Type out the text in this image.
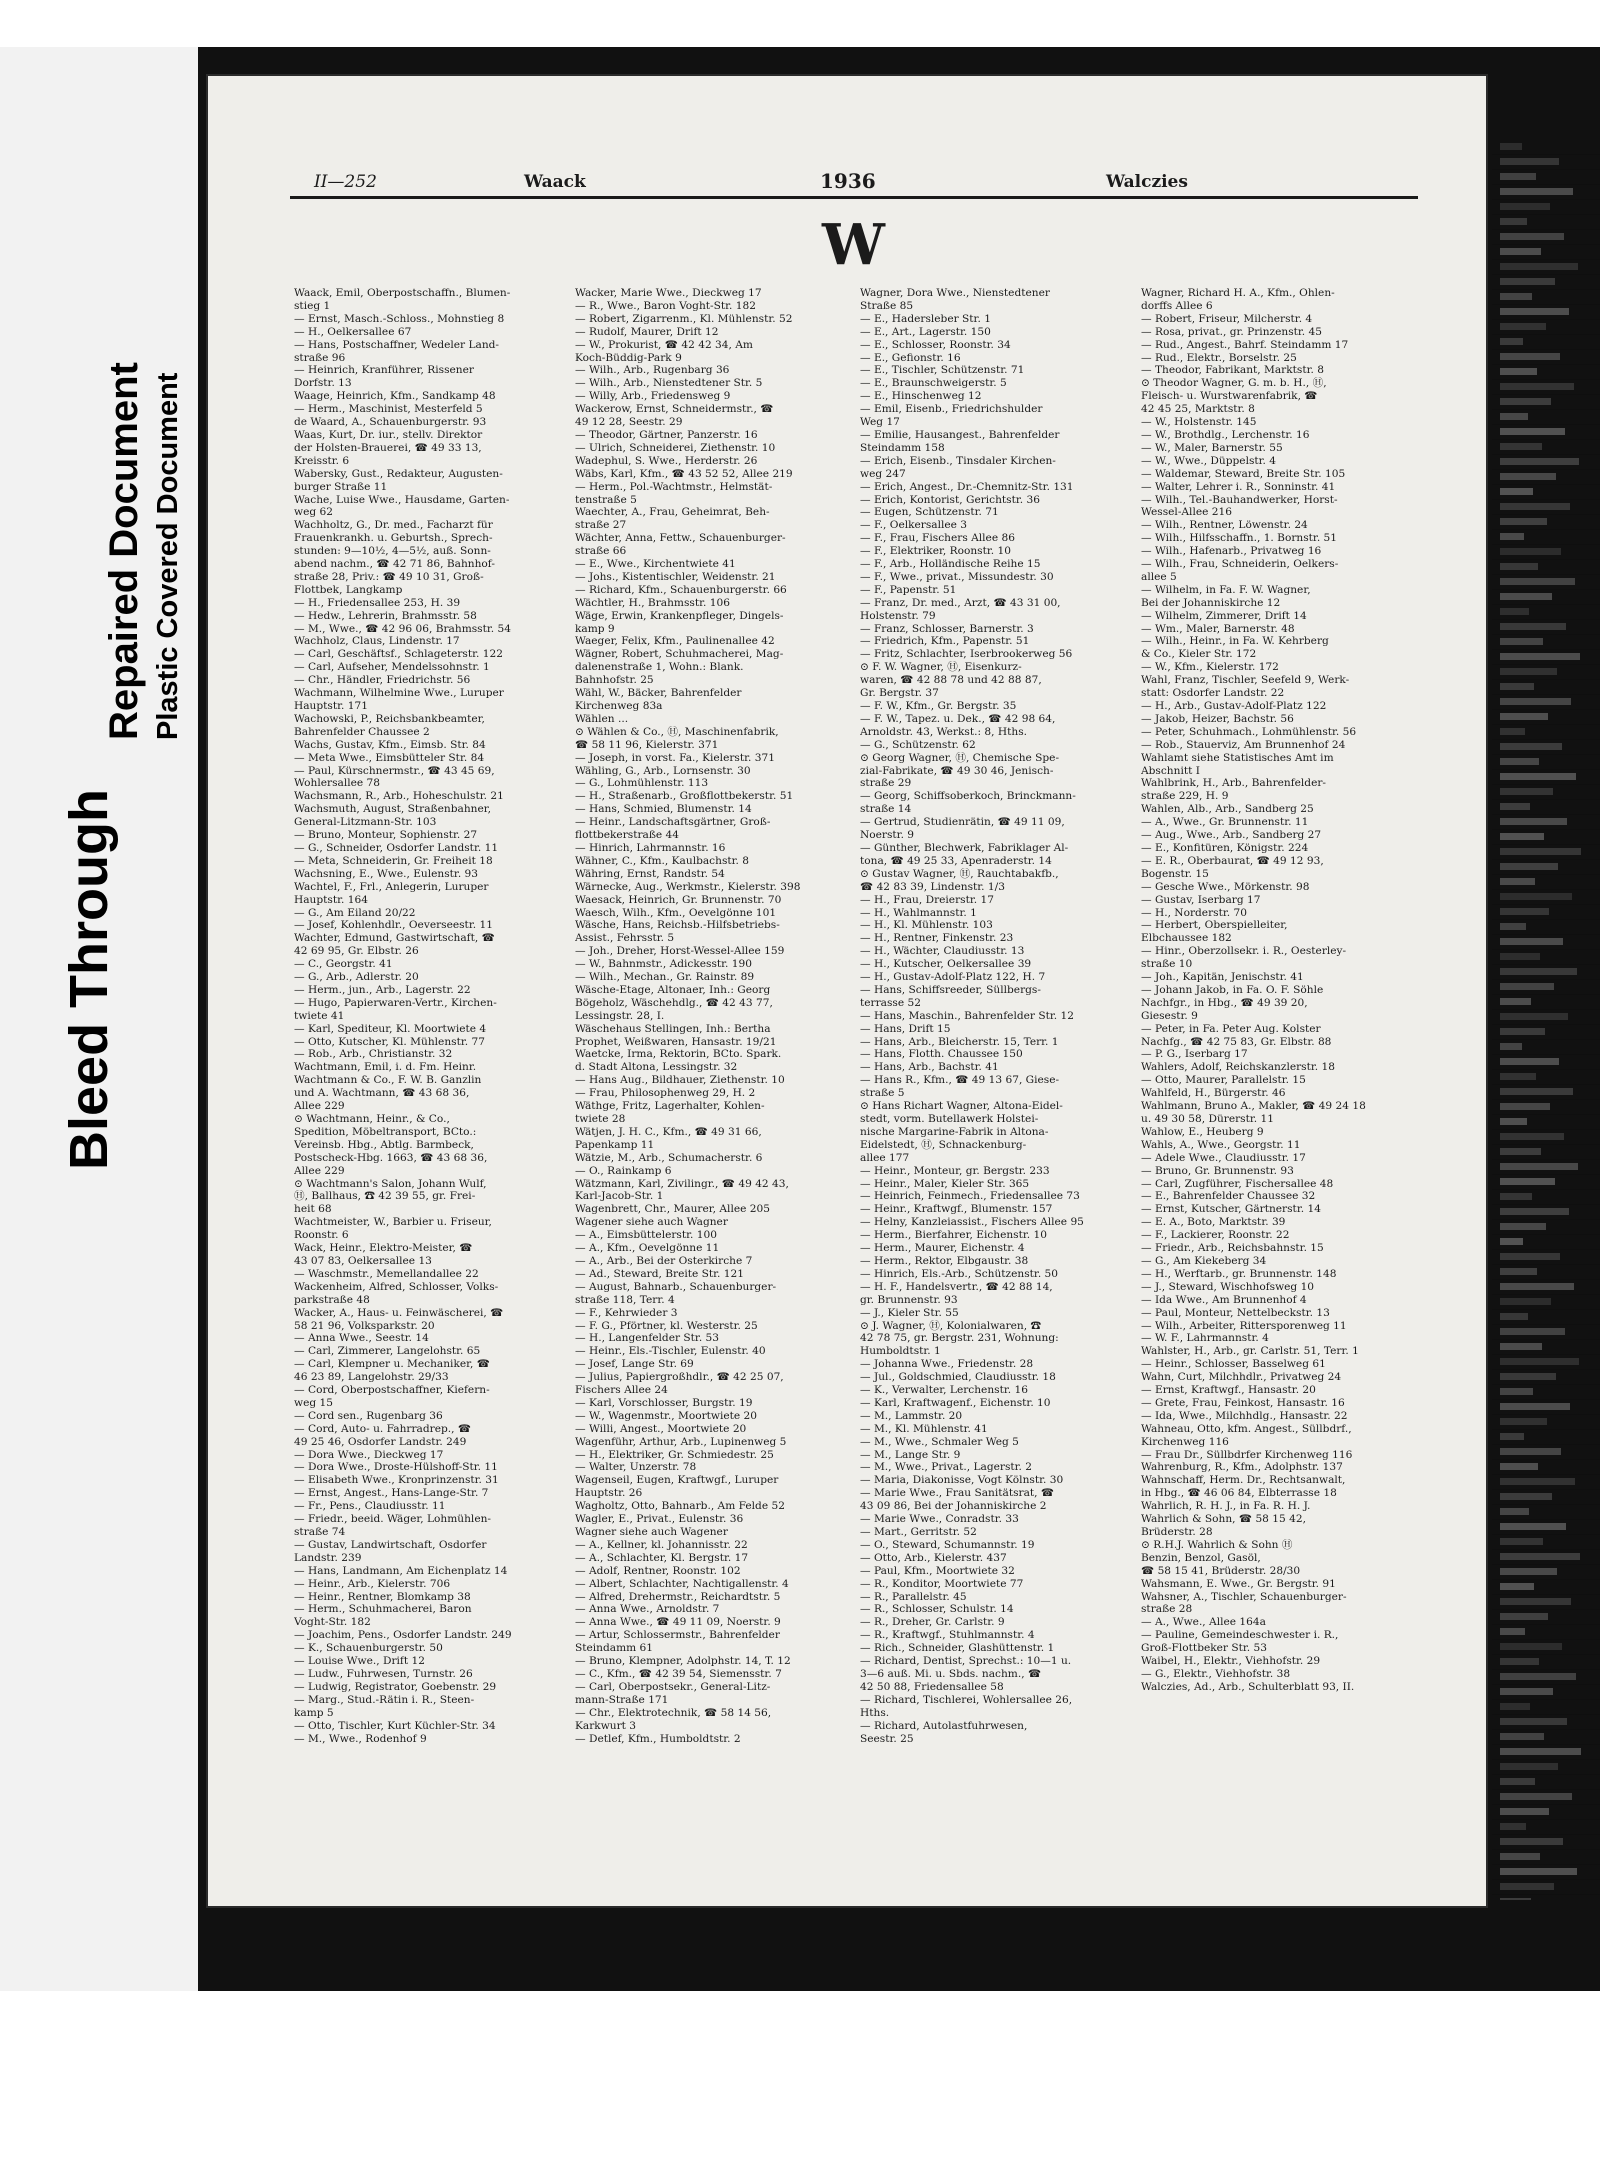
Bleed Through
Repaired Document Plastic Covered Document
II—252	Waack	1936	Walczies
W
Waack, Emil, Oberpostschaffn., Blumen-
stieg 1
— Ernst, Masch.-Schloss., Mohnstieg 8
— H., Oelkersallee 67
— Hans, Postschaffner, Wedeler Land-
straße 96
— Heinrich, Kranführer, Rissener
Dorfstr. 13
Waage, Heinrich, Kfm., Sandkamp 48
— Herm., Maschinist, Mesterfeld 5
de Waard, A., Schauenburgerstr. 93
Waas, Kurt, Dr. iur., stellv. Direktor
der Holsten-Brauerei, ☎ 49 33 13,
Kreisstr. 6
Wabersky, Gust., Redakteur, Augusten-
burger Straße 11
Wache, Luise Wwe., Hausdame, Garten-
weg 62
Wachholtz, G., Dr. med., Facharzt für
Frauenkrankh. u. Geburtsh., Sprech-
stunden: 9—10½, 4—5½, auß. Sonn-
abend nachm., ☎ 42 71 86, Bahnhof-
straße 28, Priv.: ☎ 49 10 31, Groß-
Flottbek, Langkamp
— H., Friedensallee 253, H. 39
— Hedw., Lehrerin, Brahmsstr. 58
— M., Wwe., ☎ 42 96 06, Brahmsstr. 54
Wachholz, Claus, Lindenstr. 17
— Carl, Geschäftsf., Schlageterstr. 122
— Carl, Aufseher, Mendelssohnstr. 1
— Chr., Händler, Friedrichstr. 56
Wachmann, Wilhelmine Wwe., Luruper
Hauptstr. 171
Wachowski, P., Reichsbankbeamter,
Bahrenfelder Chaussee 2
Wachs, Gustav, Kfm., Eimsb. Str. 84
— Meta Wwe., Eimsbütteler Str. 84
— Paul, Kürschnermstr., ☎ 43 45 69,
Wohlersallee 78
Wachsmann, R., Arb., Hoheschulstr. 21
Wachsmuth, August, Straßenbahner,
General-Litzmann-Str. 103
— Bruno, Monteur, Sophienstr. 27
— G., Schneider, Osdorfer Landstr. 11
— Meta, Schneiderin, Gr. Freiheit 18
Wachsning, E., Wwe., Eulenstr. 93
Wachtel, F., Frl., Anlegerin, Luruper
Hauptstr. 164
— G., Am Eiland 20/22
— Josef, Kohlenhdlr., Oeverseestr. 11
Wachter, Edmund, Gastwirtschaft, ☎
42 69 95, Gr. Elbstr. 26
— C., Georgstr. 41
— G., Arb., Adlerstr. 20
— Herm., jun., Arb., Lagerstr. 22
— Hugo, Papierwaren-Vertr., Kirchen-
twiete 41
— Karl, Spediteur, Kl. Moortwiete 4
— Otto, Kutscher, Kl. Mühlenstr. 77
— Rob., Arb., Christianstr. 32
Wachtmann, Emil, i. d. Fm. Heinr.
Wachtmann & Co., F. W. B. Ganzlin
und A. Wachtmann, ☎ 43 68 36,
Allee 229
⊙ Wachtmann, Heinr., & Co.,
Spedition, Möbeltransport, BCto.:
Vereinsb. Hbg., Abtlg. Barmbeck,
Postscheck-Hbg. 1663, ☎ 43 68 36,
Allee 229
⊙ Wachtmann's Salon, Johann Wulf,
Ⓗ, Ballhaus, ☎ 42 39 55, gr. Frei-
heit 68
Wachtmeister, W., Barbier u. Friseur,
Roonstr. 6
Wack, Heinr., Elektro-Meister, ☎
43 07 83, Oelkersallee 13
— Waschmstr., Memellandallee 22
Wackenheim, Alfred, Schlosser, Volks-
parkstraße 48
Wacker, A., Haus- u. Feinwäscherei, ☎
58 21 96, Volksparkstr. 20
— Anna Wwe., Seestr. 14
— Carl, Zimmerer, Langelohstr. 65
— Carl, Klempner u. Mechaniker, ☎
46 23 89, Langelohstr. 29/33
— Cord, Oberpostschaffner, Kiefern-
weg 15
— Cord sen., Rugenbarg 36
— Cord, Auto- u. Fahrradrep., ☎
49 25 46, Osdorfer Landstr. 249
— Dora Wwe., Dieckweg 17
— Dora Wwe., Droste-Hülshoff-Str. 11
— Elisabeth Wwe., Kronprinzenstr. 31
— Ernst, Angest., Hans-Lange-Str. 7
— Fr., Pens., Claudiusstr. 11
— Friedr., beeid. Wäger, Lohmühlen-
straße 74
— Gustav, Landwirtschaft, Osdorfer
Landstr. 239
— Hans, Landmann, Am Eichenplatz 14
— Heinr., Arb., Kielerstr. 706
— Heinr., Rentner, Blomkamp 38
— Herm., Schuhmacherei, Baron
Voght-Str. 182
— Joachim, Pens., Osdorfer Landstr. 249
— K., Schauenburgerstr. 50
— Louise Wwe., Drift 12
— Ludw., Fuhrwesen, Turnstr. 26
— Ludwig, Registrator, Goebenstr. 29
— Marg., Stud.-Rätin i. R., Steen-
kamp 5
— Otto, Tischler, Kurt Küchler-Str. 34
— M., Wwe., Rodenhof 9
Wacker, Marie Wwe., Dieckweg 17
— R., Wwe., Baron Voght-Str. 182
— Robert, Zigarrenm., Kl. Mühlenstr. 52
— Rudolf, Maurer, Drift 12
— W., Prokurist, ☎ 42 42 34, Am
Koch-Büddig-Park 9
— Wilh., Arb., Rugenbarg 36
— Wilh., Arb., Nienstedtener Str. 5
— Willy, Arb., Friedensweg 9
Wackerow, Ernst, Schneidermstr., ☎
49 12 28, Seestr. 29
— Theodor, Gärtner, Panzerstr. 16
— Ulrich, Schneiderei, Ziethenstr. 10
Wadephul, S. Wwe., Herderstr. 26
Wäbs, Karl, Kfm., ☎ 43 52 52, Allee 219
— Herm., Pol.-Wachtmstr., Helmstät-
tenstraße 5
Waechter, A., Frau, Geheimrat, Beh-
straße 27
Wächter, Anna, Fettw., Schauenburger-
straße 66
— E., Wwe., Kirchentwiete 41
— Johs., Kistentischler, Weidenstr. 21
— Richard, Kfm., Schauenburgerstr. 66
Wächtler, H., Brahmsstr. 106
Wäge, Erwin, Krankenpfleger, Dingels-
kamp 9
Waeger, Felix, Kfm., Paulinenallee 42
Wägner, Robert, Schuhmacherei, Mag-
dalenenstraße 1, Wohn.: Blank.
Bahnhofstr. 25
Wähl, W., Bäcker, Bahrenfelder
Kirchenweg 83a
Wählen ...
⊙ Wählen & Co., Ⓗ, Maschinenfabrik,
☎ 58 11 96, Kielerstr. 371
— Joseph, in vorst. Fa., Kielerstr. 371
Wähling, G., Arb., Lornsenstr. 30
— G., Lohmühlenstr. 113
— H., Straßenarb., Großflottbekerstr. 51
— Hans, Schmied, Blumenstr. 14
— Heinr., Landschaftsgärtner, Groß-
flottbekerstraße 44
— Hinrich, Lahrmannstr. 16
Wähner, C., Kfm., Kaulbachstr. 8
Währing, Ernst, Randstr. 54
Wärnecke, Aug., Werkmstr., Kielerstr. 398
Waesack, Heinrich, Gr. Brunnenstr. 70
Waesch, Wilh., Kfm., Oevelgönne 101
Wäsche, Hans, Reichsb.-Hilfsbetriebs-
Assist., Fehrsstr. 5
— Joh., Dreher, Horst-Wessel-Allee 159
— W., Bahnmstr., Adickesstr. 190
— Wilh., Mechan., Gr. Rainstr. 89
Wäsche-Etage, Altonaer, Inh.: Georg
Bögeholz, Wäschehdlg., ☎ 42 43 77,
Lessingstr. 28, I.
Wäschehaus Stellingen, Inh.: Bertha
Prophet, Weißwaren, Hansastr. 19/21
Waetcke, Irma, Rektorin, BCto. Spark.
d. Stadt Altona, Lessingstr. 32
— Hans Aug., Bildhauer, Ziethenstr. 10
— Frau, Philosophenweg 29, H. 2
Wäthge, Fritz, Lagerhalter, Kohlen-
twiete 28
Wätjen, J. H. C., Kfm., ☎ 49 31 66,
Papenkamp 11
Wätzie, M., Arb., Schumacherstr. 6
— O., Rainkamp 6
Wätzmann, Karl, Zivilingr., ☎ 49 42 43,
Karl-Jacob-Str. 1
Wagenbrett, Chr., Maurer, Allee 205
Wagener siehe auch Wagner
— A., Eimsbüttelerstr. 100
— A., Kfm., Oevelgönne 11
— A., Arb., Bei der Osterkirche 7
— Ad., Steward, Breite Str. 121
— August, Bahnarb., Schauenburger-
straße 118, Terr. 4
— F., Kehrwieder 3
— F. G., Pförtner, kl. Westerstr. 25
— H., Langenfelder Str. 53
— Heinr., Els.-Tischler, Eulenstr. 40
— Josef, Lange Str. 69
— Julius, Papiergroßhdlr., ☎ 42 25 07,
Fischers Allee 24
— Karl, Vorschlosser, Burgstr. 19
— W., Wagenmstr., Moortwiete 20
— Willi, Angest., Moortwiete 20
Wagenführ, Arthur, Arb., Lupinenweg 5
— H., Elektriker, Gr. Schmiedestr. 25
— Walter, Unzerstr. 78
Wagenseil, Eugen, Kraftwgf., Luruper
Hauptstr. 26
Wagholtz, Otto, Bahnarb., Am Felde 52
Wagler, E., Privat., Eulenstr. 36
Wagner siehe auch Wagener
— A., Kellner, kl. Johannisstr. 22
— A., Schlachter, Kl. Bergstr. 17
— Adolf, Rentner, Roonstr. 102
— Albert, Schlachter, Nachtigallenstr. 4
— Alfred, Drehermstr., Reichardtstr. 5
— Anna Wwe., Arnoldstr. 7
— Anna Wwe., ☎ 49 11 09, Noerstr. 9
— Artur, Schlossermstr., Bahrenfelder
Steindamm 61
— Bruno, Klempner, Adolphstr. 14, T. 12
— C., Kfm., ☎ 42 39 54, Siemensstr. 7
— Carl, Oberpostsekr., General-Litz-
mann-Straße 171
— Chr., Elektrotechnik, ☎ 58 14 56,
Karkwurt 3
— Detlef, Kfm., Humboldtstr. 2
Wagner, Dora Wwe., Nienstedtener
Straße 85
— E., Hadersleber Str. 1
— E., Art., Lagerstr. 150
— E., Schlosser, Roonstr. 34
— E., Gefionstr. 16
— E., Tischler, Schützenstr. 71
— E., Braunschweigerstr. 5
— E., Hinschenweg 12
— Emil, Eisenb., Friedrichshulder
Weg 17
— Emilie, Hausangest., Bahrenfelder
Steindamm 158
— Erich, Eisenb., Tinsdaler Kirchen-
weg 247
— Erich, Angest., Dr.-Chemnitz-Str. 131
— Erich, Kontorist, Gerichtstr. 36
— Eugen, Schützenstr. 71
— F., Oelkersallee 3
— F., Frau, Fischers Allee 86
— F., Elektriker, Roonstr. 10
— F., Arb., Holländische Reihe 15
— F., Wwe., privat., Missundestr. 30
— F., Papenstr. 51
— Franz, Dr. med., Arzt, ☎ 43 31 00,
Holstenstr. 79
— Franz, Schlosser, Barnerstr. 3
— Friedrich, Kfm., Papenstr. 51
— Fritz, Schlachter, Iserbrookerweg 56
⊙ F. W. Wagner, Ⓗ, Eisenkurz-
waren, ☎ 42 88 78 und 42 88 87,
Gr. Bergstr. 37
— F. W., Kfm., Gr. Bergstr. 35
— F. W., Tapez. u. Dek., ☎ 42 98 64,
Arnoldstr. 43, Werkst.: 8, Hths.
— G., Schützenstr. 62
⊙ Georg Wagner, Ⓗ, Chemische Spe-
zial-Fabrikate, ☎ 49 30 46, Jenisch-
straße 29
— Georg, Schiffsoberkoch, Brinckmann-
straße 14
— Gertrud, Studienrätin, ☎ 49 11 09,
Noerstr. 9
— Günther, Blechwerk, Fabriklager Al-
tona, ☎ 49 25 33, Apenraderstr. 14
⊙ Gustav Wagner, Ⓗ, Rauchtabakfb.,
☎ 42 83 39, Lindenstr. 1/3
— H., Frau, Dreierstr. 17
— H., Wahlmannstr. 1
— H., Kl. Mühlenstr. 103
— H., Rentner, Finkenstr. 23
— H., Wächter, Claudiusstr. 13
— H., Kutscher, Oelkersallee 39
— H., Gustav-Adolf-Platz 122, H. 7
— Hans, Schiffsreeder, Süllbergs-
terrasse 52
— Hans, Maschin., Bahrenfelder Str. 12
— Hans, Drift 15
— Hans, Arb., Bleicherstr. 15, Terr. 1
— Hans, Flotth. Chaussee 150
— Hans, Arb., Bachstr. 41
— Hans R., Kfm., ☎ 49 13 67, Giese-
straße 5
⊙ Hans Richart Wagner, Altona-Eidel-
stedt, vorm. Butellawerk Holstei-
nische Margarine-Fabrik in Altona-
Eidelstedt, Ⓗ, Schnackenburg-
allee 177
— Heinr., Monteur, gr. Bergstr. 233
— Heinr., Maler, Kieler Str. 365
— Heinrich, Feinmech., Friedensallee 73
— Heinr., Kraftwgf., Blumenstr. 157
— Helny, Kanzleiassist., Fischers Allee 95
— Herm., Bierfahrer, Eichenstr. 10
— Herm., Maurer, Eichenstr. 4
— Herm., Rektor, Elbgaustr. 38
— Hinrich, Els.-Arb., Schützenstr. 50
— H. F., Handelsvertr., ☎ 42 88 14,
gr. Brunnenstr. 93
— J., Kieler Str. 55
⊙ J. Wagner, Ⓗ, Kolonialwaren, ☎
42 78 75, gr. Bergstr. 231, Wohnung:
Humboldtstr. 1
— Johanna Wwe., Friedenstr. 28
— Jul., Goldschmied, Claudiusstr. 18
— K., Verwalter, Lerchenstr. 16
— Karl, Kraftwagenf., Eichenstr. 10
— M., Lammstr. 20
— M., Kl. Mühlenstr. 41
— M., Wwe., Schmaler Weg 5
— M., Lange Str. 9
— M., Wwe., Privat., Lagerstr. 2
— Maria, Diakonisse, Vogt Kölnstr. 30
— Marie Wwe., Frau Sanitätsrat, ☎
43 09 86, Bei der Johanniskirche 2
— Marie Wwe., Conradstr. 33
— Mart., Gerritstr. 52
— O., Steward, Schumannstr. 19
— Otto, Arb., Kielerstr. 437
— Paul, Kfm., Moortwiete 32
— R., Konditor, Moortwiete 77
— R., Parallelstr. 45
— R., Schlosser, Schulstr. 14
— R., Dreher, Gr. Carlstr. 9
— R., Kraftwgf., Stuhlmannstr. 4
— Rich., Schneider, Glashüttenstr. 1
— Richard, Dentist, Sprechst.: 10—1 u.
3—6 auß. Mi. u. Sbds. nachm., ☎
42 50 88, Friedensallee 58
— Richard, Tischlerei, Wohlersallee 26,
Hths.
— Richard, Autolastfuhrwesen,
Seestr. 25
Wagner, Richard H. A., Kfm., Ohlen-
dorffs Allee 6
— Robert, Friseur, Milcherstr. 4
— Rosa, privat., gr. Prinzenstr. 45
— Rud., Angest., Bahrf. Steindamm 17
— Rud., Elektr., Borselstr. 25
— Theodor, Fabrikant, Marktstr. 8
⊙ Theodor Wagner, G. m. b. H., Ⓗ,
Fleisch- u. Wurstwarenfabrik, ☎
42 45 25, Marktstr. 8
— W., Holstenstr. 145
— W., Brothdlg., Lerchenstr. 16
— W., Maler, Barnerstr. 55
— W., Wwe., Düppelstr. 4
— Waldemar, Steward, Breite Str. 105
— Walter, Lehrer i. R., Sonninstr. 41
— Wilh., Tel.-Bauhandwerker, Horst-
Wessel-Allee 216
— Wilh., Rentner, Löwenstr. 24
— Wilh., Hilfsschaffn., 1. Bornstr. 51
— Wilh., Hafenarb., Privatweg 16
— Wilh., Frau, Schneiderin, Oelkers-
allee 5
— Wilhelm, in Fa. F. W. Wagner,
Bei der Johanniskirche 12
— Wilhelm, Zimmerer, Drift 14
— Wm., Maler, Barnerstr. 48
— Wilh., Heinr., in Fa. W. Kehrberg
& Co., Kieler Str. 172
— W., Kfm., Kielerstr. 172
Wahl, Franz, Tischler, Seefeld 9, Werk-
statt: Osdorfer Landstr. 22
— H., Arb., Gustav-Adolf-Platz 122
— Jakob, Heizer, Bachstr. 56
— Peter, Schuhmach., Lohmühlenstr. 56
— Rob., Stauerviz, Am Brunnenhof 24
Wahlamt siehe Statistisches Amt im
Abschnitt I
Wahlbrink, H., Arb., Bahrenfelder-
straße 229, H. 9
Wahlen, Alb., Arb., Sandberg 25
— A., Wwe., Gr. Brunnenstr. 11
— Aug., Wwe., Arb., Sandberg 27
— E., Konfitüren, Königstr. 224
— E. R., Oberbaurat, ☎ 49 12 93,
Bogenstr. 15
— Gesche Wwe., Mörkenstr. 98
— Gustav, Iserbarg 17
— H., Norderstr. 70
— Herbert, Oberspielleiter,
Elbchaussee 182
— Hinr., Oberzollsekr. i. R., Oesterley-
straße 10
— Joh., Kapitän, Jenischstr. 41
— Johann Jakob, in Fa. O. F. Söhle
Nachfgr., in Hbg., ☎ 49 39 20,
Giesestr. 9
— Peter, in Fa. Peter Aug. Kolster
Nachfg., ☎ 42 75 83, Gr. Elbstr. 88
— P. G., Iserbarg 17
Wahlers, Adolf, Reichskanzlerstr. 18
— Otto, Maurer, Parallelstr. 15
Wahlfeld, H., Bürgerstr. 46
Wahlmann, Bruno A., Makler, ☎ 49 24 18
u. 49 30 58, Dürerstr. 11
Wahlow, E., Heuberg 9
Wahls, A., Wwe., Georgstr. 11
— Adele Wwe., Claudiusstr. 17
— Bruno, Gr. Brunnenstr. 93
— Carl, Zugführer, Fischersallee 48
— E., Bahrenfelder Chaussee 32
— Ernst, Kutscher, Gärtnerstr. 14
— E. A., Boto, Marktstr. 39
— F., Lackierer, Roonstr. 22
— Friedr., Arb., Reichsbahnstr. 15
— G., Am Kiekeberg 34
— H., Werftarb., gr. Brunnenstr. 148
— J., Steward, Wischhofsweg 10
— Ida Wwe., Am Brunnenhof 4
— Paul, Monteur, Nettelbeckstr. 13
— Wilh., Arbeiter, Rittersporenweg 11
— W. F., Lahrmannstr. 4
Wahlster, H., Arb., gr. Carlstr. 51, Terr. 1
— Heinr., Schlosser, Basselweg 61
Wahn, Curt, Milchhdlr., Privatweg 24
— Ernst, Kraftwgf., Hansastr. 20
— Grete, Frau, Feinkost, Hansastr. 16
— Ida, Wwe., Milchhdlg., Hansastr. 22
Wahneau, Otto, kfm. Angest., Süllbdrf.,
Kirchenweg 116
— Frau Dr., Süllbdrfer Kirchenweg 116
Wahrenburg, R., Kfm., Adolphstr. 137
Wahnschaff, Herm. Dr., Rechtsanwalt,
in Hbg., ☎ 46 06 84, Elbterrasse 18
Wahrlich, R. H. J., in Fa. R. H. J.
Wahrlich & Sohn, ☎ 58 15 42,
Brüderstr. 28
⊙ R.H.J. Wahrlich & Sohn Ⓗ
Benzin, Benzol, Gasöl,
☎ 58 15 41, Brüderstr. 28/30
Wahsmann, E. Wwe., Gr. Bergstr. 91
Wahsner, A., Tischler, Schauenburger-
straße 28
— A., Wwe., Allee 164a
— Pauline, Gemeindeschwester i. R.,
Groß-Flottbeker Str. 53
Waibel, H., Elektr., Viehhofstr. 29
— G., Elektr., Viehhofstr. 38
Walczies, Ad., Arb., Schulterblatt 93, II.
